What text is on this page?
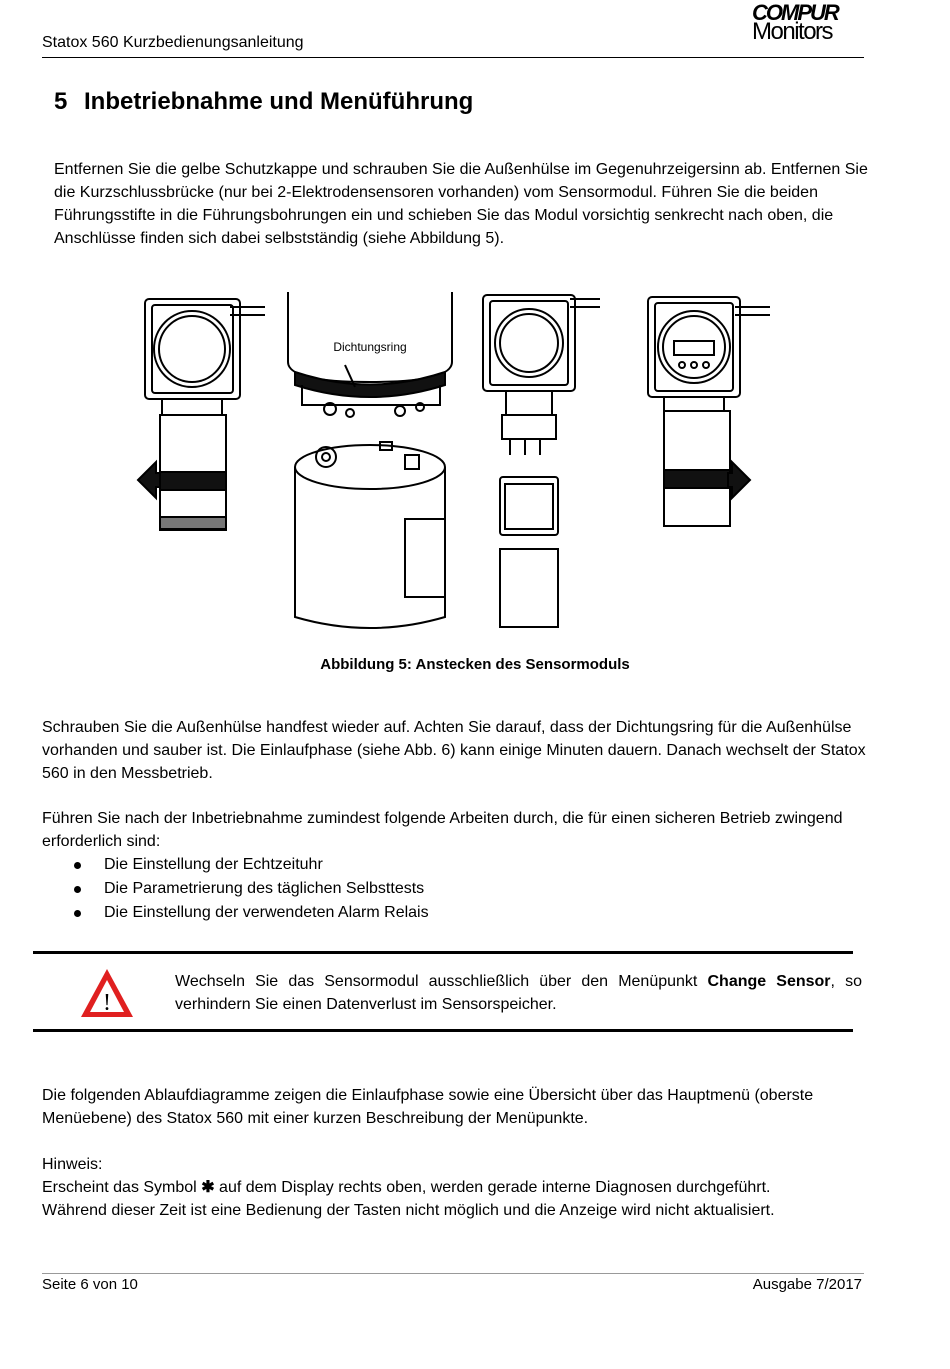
Statox 560 Kurzbedienungsanleitung
COMPUR
Monitors
5 Inbetriebnahme und Menüführung
Entfernen Sie die gelbe Schutzkappe und schrauben Sie die Außenhülse im Gegenuhrzeigersinn ab. Entfernen Sie die Kurzschlussbrücke (nur bei 2-Elektrodensensoren vorhanden) vom Sensormodul. Führen Sie die beiden Führungsstifte in die Führungsbohrungen ein und schieben Sie das Modul vorsichtig senkrecht nach oben, die Anschlüsse finden sich dabei selbstständig (siehe Abbildung 5).
Dichtungsring
Abbildung 5: Anstecken des Sensormoduls
Schrauben Sie die Außenhülse handfest wieder auf. Achten Sie darauf, dass der Dichtungsring für die Außenhülse vorhanden und sauber ist. Die Einlaufphase (siehe Abb. 6) kann einige Minuten dauern. Danach wechselt der Statox 560 in den Messbetrieb.
Führen Sie nach der Inbetriebnahme zumindest folgende Arbeiten durch, die für einen sicheren Betrieb zwingend erforderlich sind:
Die Einstellung der Echtzeituhr
Die Parametrierung des täglichen Selbsttests
Die Einstellung der verwendeten Alarm Relais
!
Wechseln Sie das Sensormodul ausschließlich über den Menüpunkt Change Sensor, so verhindern Sie einen Datenverlust im Sensorspeicher.
Die folgenden Ablaufdiagramme zeigen die Einlaufphase sowie eine Übersicht über das Hauptmenü (oberste Menüebene) des Statox 560 mit einer kurzen Beschreibung der Menüpunkte.
Hinweis:
Erscheint das Symbol ✱ auf dem Display rechts oben, werden gerade interne Diagnosen durchgeführt.
Während dieser Zeit ist eine Bedienung der Tasten nicht möglich und die Anzeige wird nicht aktualisiert.
Seite 6 von 10	Ausgabe 7/2017
